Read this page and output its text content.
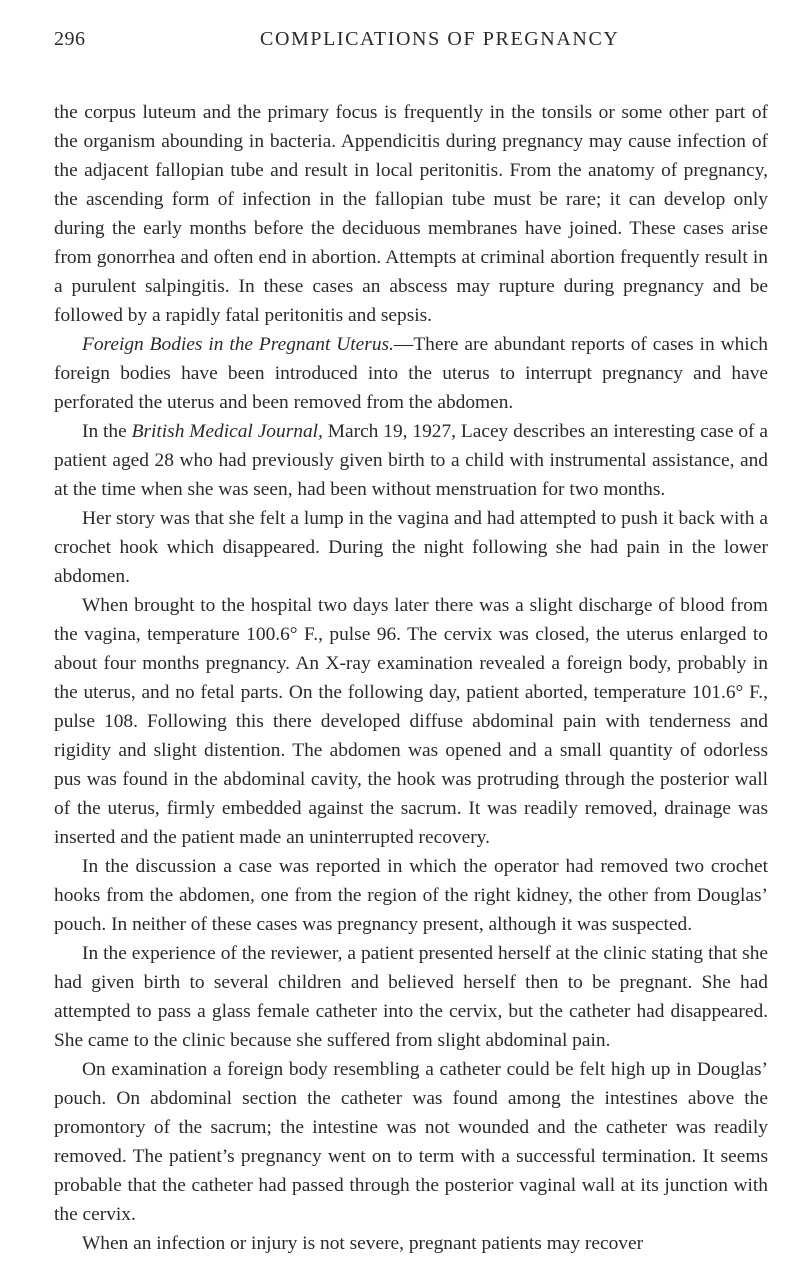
296	COMPLICATIONS OF PREGNANCY

the corpus luteum and the primary focus is frequently in the tonsils or some other part of the organism abounding in bacteria. Appendicitis during pregnancy may cause infection of the adjacent fallopian tube and result in local peritonitis. From the anatomy of pregnancy, the ascending form of infection in the fallopian tube must be rare; it can develop only during the early months before the deciduous membranes have joined. These cases arise from gonorrhea and often end in abortion. Attempts at criminal abortion frequently result in a purulent salpingitis. In these cases an abscess may rupture during pregnancy and be followed by a rapidly fatal peritonitis and sepsis.

Foreign Bodies in the Pregnant Uterus.—There are abundant reports of cases in which foreign bodies have been introduced into the uterus to interrupt pregnancy and have perforated the uterus and been removed from the abdomen.

In the British Medical Journal, March 19, 1927, Lacey describes an interesting case of a patient aged 28 who had previously given birth to a child with instrumental assistance, and at the time when she was seen, had been without menstruation for two months.

Her story was that she felt a lump in the vagina and had attempted to push it back with a crochet hook which disappeared. During the night following she had pain in the lower abdomen.

When brought to the hospital two days later there was a slight discharge of blood from the vagina, temperature 100.6° F., pulse 96. The cervix was closed, the uterus enlarged to about four months pregnancy. An X-ray examination revealed a foreign body, probably in the uterus, and no fetal parts. On the following day, patient aborted, temperature 101.6° F., pulse 108. Following this there developed diffuse abdominal pain with tenderness and rigidity and slight distention. The abdomen was opened and a small quantity of odorless pus was found in the abdominal cavity, the hook was protruding through the posterior wall of the uterus, firmly embedded against the sacrum. It was readily removed, drainage was inserted and the patient made an uninterrupted recovery.

In the discussion a case was reported in which the operator had removed two crochet hooks from the abdomen, one from the region of the right kidney, the other from Douglas’ pouch. In neither of these cases was pregnancy present, although it was suspected.

In the experience of the reviewer, a patient presented herself at the clinic stating that she had given birth to several children and believed herself then to be pregnant. She had attempted to pass a glass female catheter into the cervix, but the catheter had disappeared. She came to the clinic because she suffered from slight abdominal pain.

On examination a foreign body resembling a catheter could be felt high up in Douglas’ pouch. On abdominal section the catheter was found among the intestines above the promontory of the sacrum; the intestine was not wounded and the catheter was readily removed. The patient’s pregnancy went on to term with a successful termination. It seems probable that the catheter had passed through the posterior vaginal wall at its junction with the cervix.

When an infection or injury is not severe, pregnant patients may recover
